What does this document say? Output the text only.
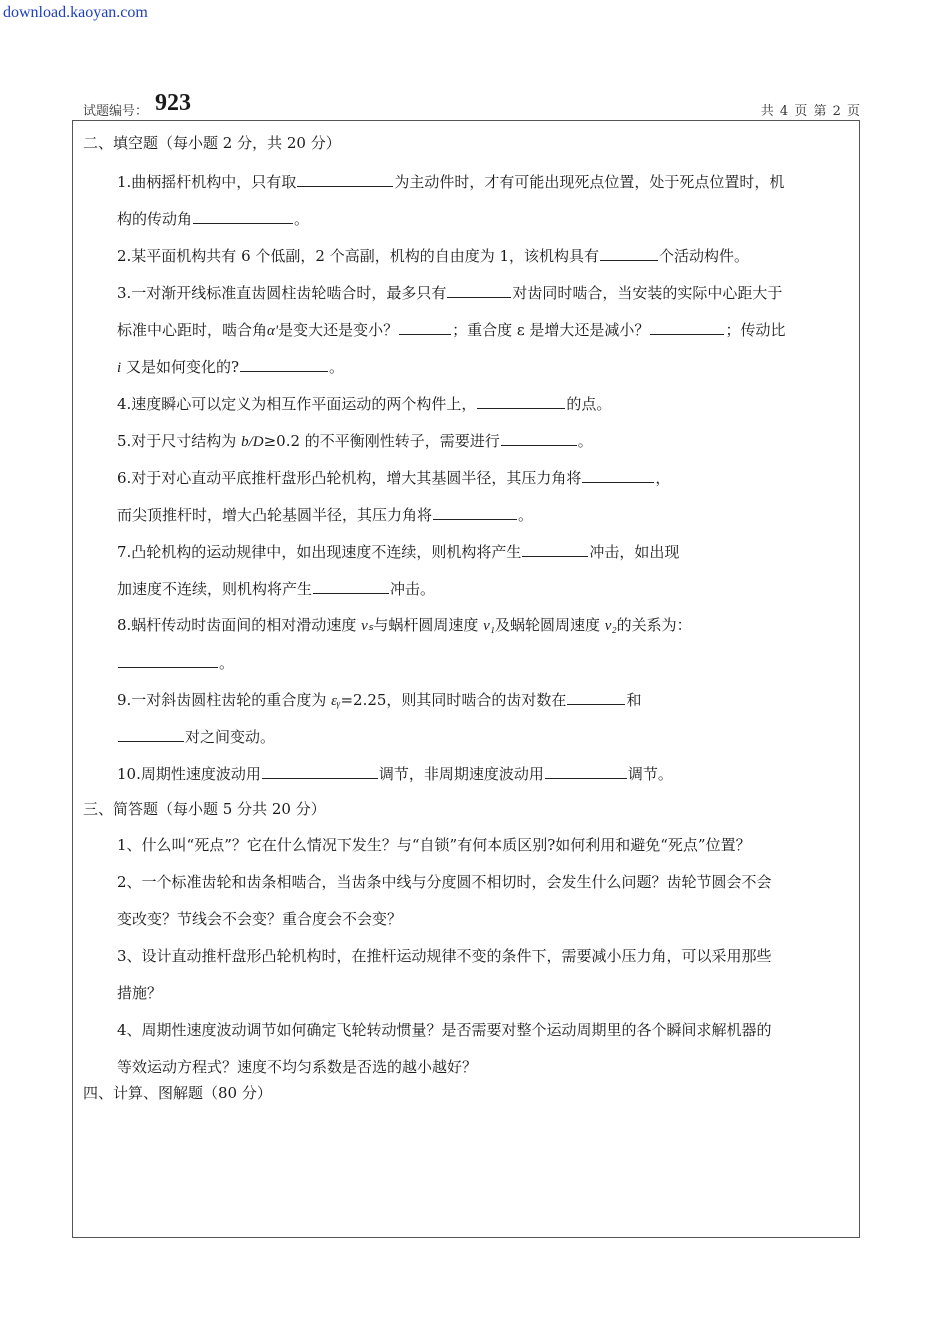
download.kaoyan.com
试题编号： 923	共 4 页 第 2 页
二、填空题（每小题 2 分，共 20 分）
1.曲柄摇杆机构中，只有取	为主动件时，才有可能出现死点位置，处于死点位置时，机
构的传动角	。
2.某平面机构共有 6 个低副，2 个高副，机构的自由度为 1，该机构具有	个活动构件。
3.一对渐开线标准直齿圆柱齿轮啮合时，最多只有	对齿同时啮合，当安装的实际中心距大于
标准中心距时，啮合角α'是变大还是变小？	；重合度 ε 是增大还是减小？	；传动比
i 又是如何变化的?	。
4.速度瞬心可以定义为相互作平面运动的两个构件上，	的点。
5.对于尺寸结构为 b/D≥0.2 的不平衡刚性转子，需要进行	。
6.对于对心直动平底推杆盘形凸轮机构，增大其基圆半径，其压力角将	，
而尖顶推杆时，增大凸轮基圆半径，其压力角将	。
7.凸轮机构的运动规律中，如出现速度不连续，则机构将产生	冲击，如出现
加速度不连续，则机构将产生	冲击。
8.蜗杆传动时齿面间的相对滑动速度 vₛ与蜗杆圆周速度 v₁及蜗轮圆周速度 v₂的关系为：
。
9.一对斜齿圆柱齿轮的重合度为 εᵧ=2.25，则其同时啮合的齿对数在	和
对之间变动。
10.周期性速度波动用	调节，非周期速度波动用	调节。
三、简答题（每小题 5 分共 20 分）
1、什么叫“死点”？它在什么情况下发生？与“自锁”有何本质区别?如何利用和避免“死点”位置？
2、一个标准齿轮和齿条相啮合，当齿条中线与分度圆不相切时，会发生什么问题？齿轮节圆会不会
变改变？节线会不会变？重合度会不会变？
3、设计直动推杆盘形凸轮机构时，在推杆运动规律不变的条件下，需要减小压力角，可以采用那些
措施？
4、周期性速度波动调节如何确定飞轮转动惯量？是否需要对整个运动周期里的各个瞬间求解机器的
等效运动方程式？速度不均匀系数是否选的越小越好？
四、计算、图解题（80 分）
